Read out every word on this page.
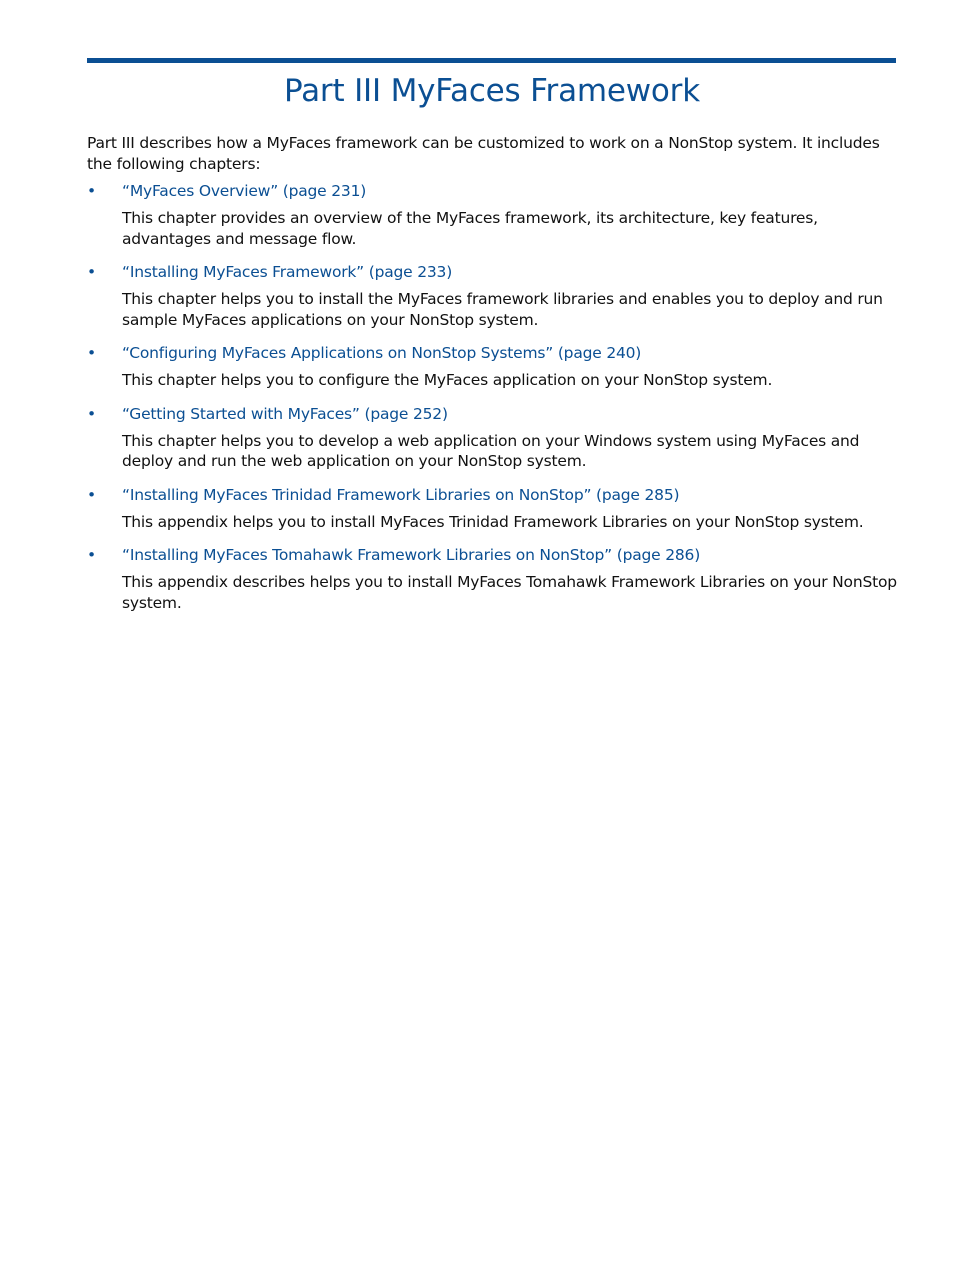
Part III MyFaces Framework

Part III describes how a MyFaces framework can be customized to work on a NonStop system. It includes the following chapters:

• “MyFaces Overview” (page 231)

This chapter provides an overview of the MyFaces framework, its architecture, key features, advantages and message flow.

• “Installing MyFaces Framework” (page 233)

This chapter helps you to install the MyFaces framework libraries and enables you to deploy and run sample MyFaces applications on your NonStop system.

• “Configuring MyFaces Applications on NonStop Systems” (page 240)

This chapter helps you to configure the MyFaces application on your NonStop system.

• “Getting Started with MyFaces” (page 252)

This chapter helps you to develop a web application on your Windows system using MyFaces and deploy and run the web application on your NonStop system.

• “Installing MyFaces Trinidad Framework Libraries on NonStop” (page 285)

This appendix helps you to install MyFaces Trinidad Framework Libraries on your NonStop system.

• “Installing MyFaces Tomahawk Framework Libraries on NonStop” (page 286)

This appendix describes helps you to install MyFaces Tomahawk Framework Libraries on your NonStop system.
